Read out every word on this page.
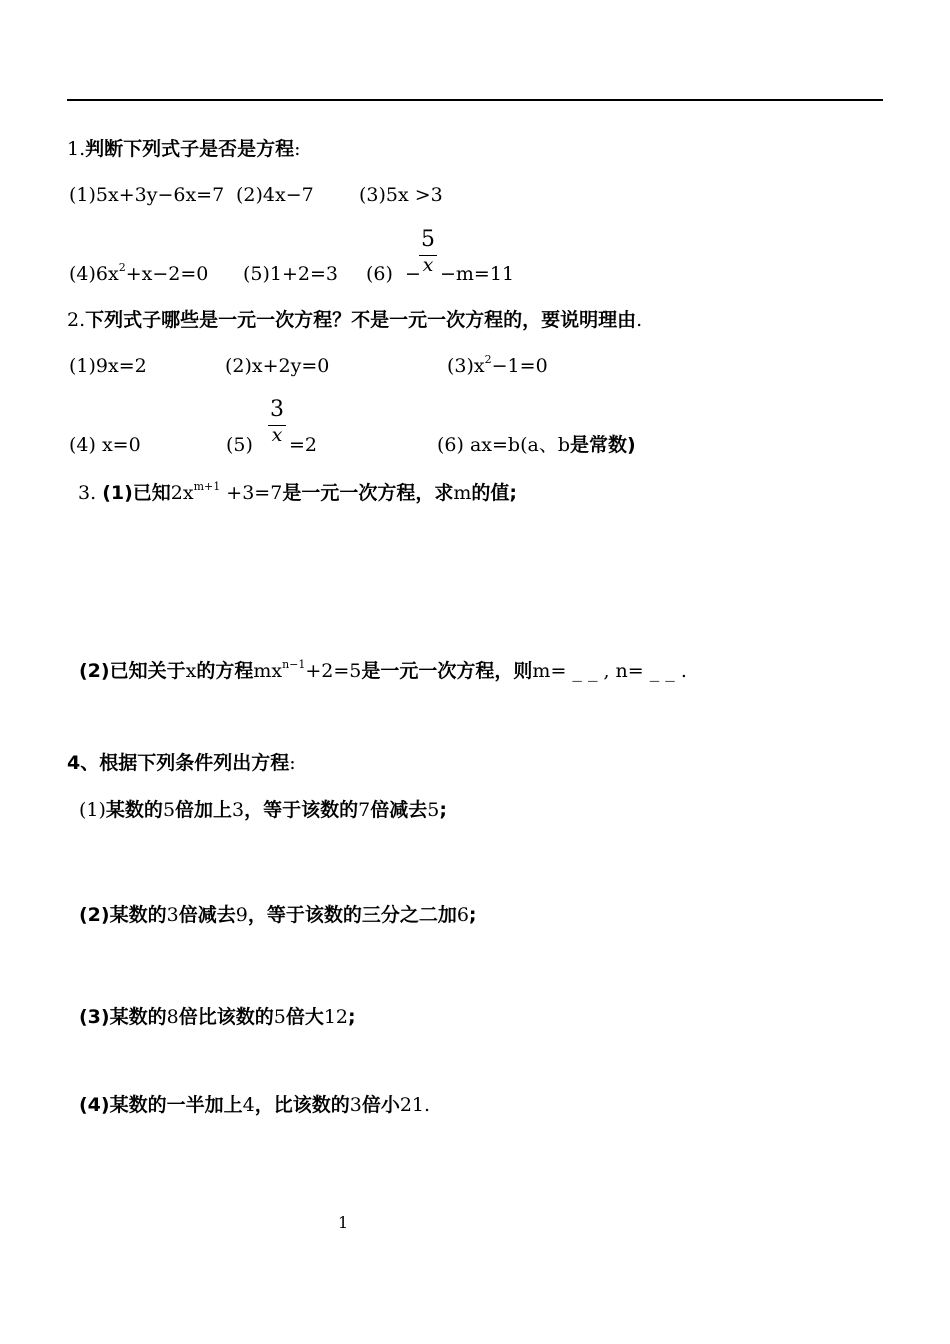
1.判断下列式子是否是方程:
(1)5x+3y−6x=7 (2)4x−7 (3)5x >3
$(4)6x^2+x-2=0$ (5)1+2=3 (6) −
5
x −m=11
2.下列式子哪些是一元一次方程？不是一元一次方程的，要说明理由.
(1)9x=2	(2)x+2y=0	$(3)x^2-1=0$
(4) x=0	(5)
3
x =2	(6) ax=b(a、b是常数)
3. (1)已知$2x^{m+1} +3=7$是一元一次方程，求m的值;
(2)已知关于x的方程$mx^{n-1}+2=5$是一元一次方程，则m= _ _ , n= _ _ .
4、根据下列条件列出方程:
(1)某数的5倍加上3，等于该数的7倍减去5;
(2)某数的3倍减去9，等于该数的三分之二加6;
(3)某数的8倍比该数的5倍大12;
(4)某数的一半加上4，比该数的3倍小21.
1
